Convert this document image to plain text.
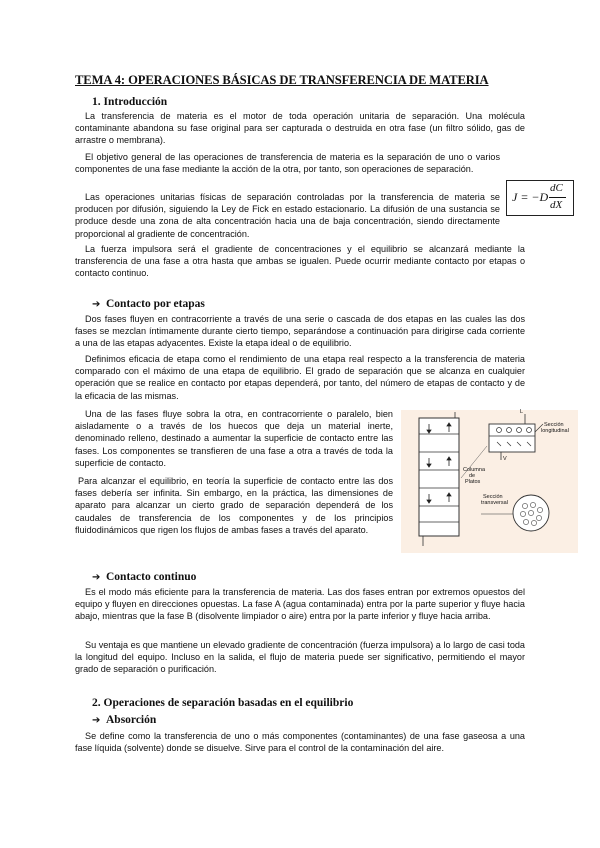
TEMA 4: OPERACIONES BÁSICAS DE TRANSFERENCIA DE MATERIA
1. Introducción

La transferencia de materia es el motor de toda operación unitaria de separación. Una molécula contaminante abandona su fase original para ser capturada o destruida en otra fase (un filtro sólido, gas de arrastre o membrana).

El objetivo general de las operaciones de transferencia de materia es la separación de uno o varios componentes de una fase mediante la acción de la otra, por tanto, son operaciones de separación.

Las operaciones unitarias físicas de separación controladas por la transferencia de materia se producen por difusión, siguiendo la Ley de Fick en estado estacionario. La difusión de una sustancia se produce desde una zona de alta concentración hacia una de baja concentración, siendo directamente proporcional al gradiente de concentración.

La fuerza impulsora será el gradiente de concentraciones y el equilibrio se alcanzará mediante la transferencia de una fase a otra hasta que ambas se igualen. Puede ocurrir mediante contacto por etapas o contacto continuo.

J = −D
dC
dX
➔ Contacto por etapas

Dos fases fluyen en contracorriente a través de una serie o cascada de dos etapas en las cuales las dos fases se mezclan íntimamente durante cierto tiempo, separándose a continuación para dirigirse cada corriente a una de las etapas adyacentes. Existe la etapa ideal o de equilibrio.

Definimos eficacia de etapa como el rendimiento de una etapa real respecto a la transferencia de materia comparado con el máximo de una etapa de equilibrio. El grado de separación que se alcanza en cualquier operación que se realice en contacto por etapas dependerá, por tanto, del número de etapas de contacto y de la eficacia de las mismas.

Una de las fases fluye sobra la otra, en contracorriente o paralelo, bien aisladamente o a través de los huecos que deja un material inerte, denominado relleno, destinado a aumentar la superficie de contacto entre las fases. Los componentes se transfieren de una fase a otra a través de toda la superficie de contacto.

Para alcanzar el equilibrio, en teoría la superficie de contacto entre las dos fases debería ser infinita. Sin embargo, en la práctica, las dimensiones de aparato para alcanzar un cierto grado de separación dependerá de los caudales de transferencia de los componentes y de los principios fluidodinámicos que rigen los flujos de ambas fases a través del aparato.

Columna
de
Platos
Sección
longitudinal
Sección
transversal
L
V
➔ Contacto continuo

Es el modo más eficiente para la transferencia de materia. Las dos fases entran por extremos opuestos del equipo y fluyen en direcciones opuestas. La fase A (agua contaminada) entra por la parte superior y fluye hacia abajo, mientras que la fase B (disolvente limpiador o aire) entra por la parte inferior y fluye hacia arriba.

Su ventaja es que mantiene un elevado gradiente de concentración (fuerza impulsora) a lo largo de casi toda la longitud del equipo. Incluso en la salida, el flujo de materia puede ser significativo, permitiendo el mayor grado de separación o purificación.

2. Operaciones de separación basadas en el equilibrio
➔ Absorción

Se define como la transferencia de uno o más componentes (contaminantes) de una fase gaseosa a una fase líquida (solvente) donde se disuelve. Sirve para el control de la contaminación del aire.
